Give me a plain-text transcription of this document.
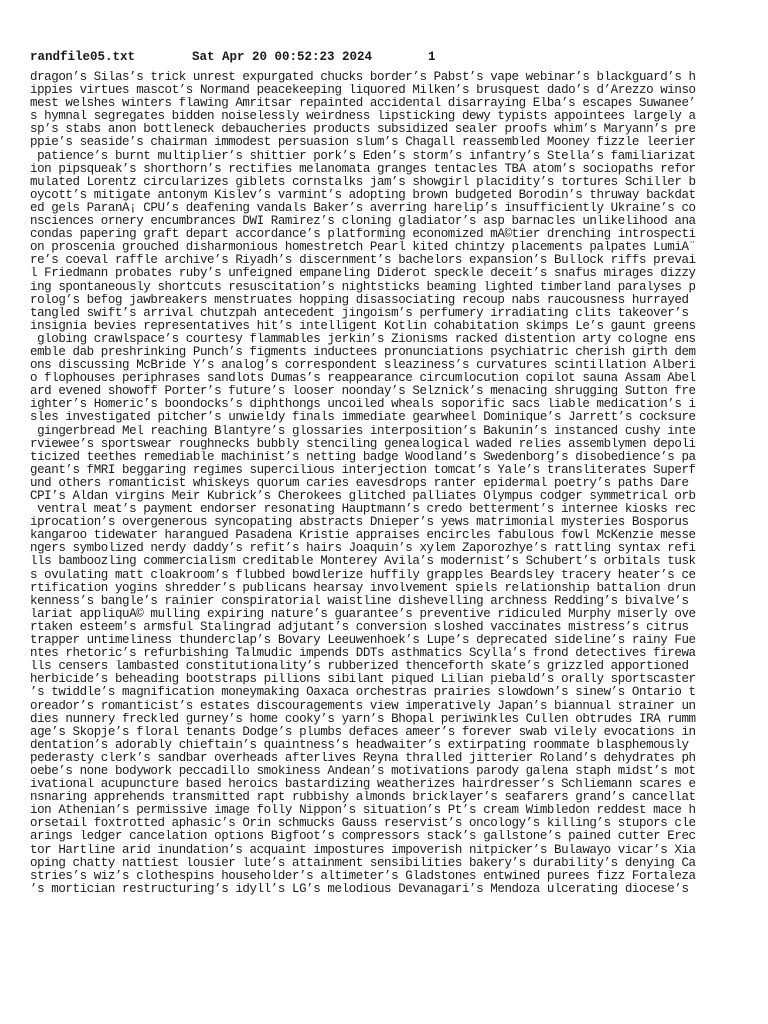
randfile05.txt	Sat Apr 20 00:52:23 2024	1
dragon’s Silas’s trick unrest expurgated chucks border’s Pabst’s vape webinar’s blackguard’s h
ippies virtues mascot’s Normand peacekeeping liquored Milken’s brusquest dado’s d’Arezzo winso
mest welshes winters flawing Amritsar repainted accidental disarraying Elba’s escapes Suwanee’
s hymnal segregates bidden noiselessly weirdness lipsticking dewy typists appointees largely a
sp’s stabs anon bottleneck debaucheries products subsidized sealer proofs whim’s Maryann’s pre
ppie’s seaside’s chairman immodest persuasion slum’s Chagall reassembled Mooney fizzle leerier
patience’s burnt multiplier’s shittier pork’s Eden’s storm’s infantry’s Stella’s familiarizat
ion pipsqueak’s shorthorn’s rectifies melanomata granges tentacles TBA atom’s sociopaths refor
mulated Lorentz circularizes giblets cornstalks jam’s showgirl placidity’s tortures Schiller b
oycott’s mitigate antonym Kislev’s varmint’s adopting brown budgeted Borodin’s thruway backdat
ed gels ParanÃ¡ CPU’s deafening vandals Baker’s averring harelip’s insufficiently Ukraine’s co
nsciences ornery encumbrances DWI Ramirez’s cloning gladiator’s asp barnacles unlikelihood ana
condas papering graft depart accordance’s platforming economized mÃ©tier drenching introspecti
on proscenia grouched disharmonious homestretch Pearl kited chintzy placements palpates LumiÃ¨
re’s coeval raffle archive’s Riyadh’s discernment’s bachelors expansion’s Bullock riffs prevai
l Friedmann probates ruby’s unfeigned empaneling Diderot speckle deceit’s snafus mirages dizzy
ing spontaneously shortcuts resuscitation’s nightsticks beaming lighted timberland paralyses p
rolog’s befog jawbreakers menstruates hopping disassociating recoup nabs raucousness hurrayed
tangled swift’s arrival chutzpah antecedent jingoism’s perfumery irradiating clits takeover’s
insignia bevies representatives hit’s intelligent Kotlin cohabitation skimps Le’s gaunt greens
globing crawlspace’s courtesy flammables jerkin’s Zionisms racked distention arty cologne ens
emble dab preshrinking Punch’s figments inductees pronunciations psychiatric cherish girth dem
ons discussing McBride Y’s analog’s correspondent sleaziness’s curvatures scintillation Alberi
o flophouses periphrases sandlots Dumas’s reappearance circumlocution copilot sauna Assam Abel
ard evened showoff Porter’s future’s looser noonday’s Selznick’s menacing shrugging Sutton fre
ighter’s Homeric’s boondocks’s diphthongs uncoiled wheals soporific sacs liable medication’s i
sles investigated pitcher’s unwieldy finals immediate gearwheel Dominique’s Jarrett’s cocksure
gingerbread Mel reaching Blantyre’s glossaries interposition’s Bakunin’s instanced cushy inte
rviewee’s sportswear roughnecks bubbly stenciling genealogical waded relies assemblymen depoli
ticized teethes remediable machinist’s netting badge Woodland’s Swedenborg’s disobedience’s pa
geant’s fMRI beggaring regimes supercilious interjection tomcat’s Yale’s transliterates Superf
und others romanticist whiskeys quorum caries eavesdrops ranter epidermal poetry’s paths Dare
CPI’s Aldan virgins Meir Kubrick’s Cherokees glitched palliates Olympus codger symmetrical orb
ventral meat’s payment endorser resonating Hauptmann’s credo betterment’s internee kiosks rec
iprocation’s overgenerous syncopating abstracts Dnieper’s yews matrimonial mysteries Bosporus
kangaroo tidewater harangued Pasadena Kristie appraises encircles fabulous fowl McKenzie messe
ngers symbolized nerdy daddy’s refit’s hairs Joaquin’s xylem Zaporozhye’s rattling syntax refi
lls bamboozling commercialism creditable Monterey Avila’s modernist’s Schubert’s orbitals tusk
s ovulating matt cloakroom’s flubbed bowdlerize huffily grapples Beardsley tracery heater’s ce
rtification yogins shredder’s publicans hearsay involvement spiels relationship battalion drun
kenness’s bangle’s rainier conspiratorial waistline dishevelling archness Redding’s bivalve’s
lariat appliquÃ© mulling expiring nature’s guarantee’s preventive ridiculed Murphy miserly ove
rtaken esteem’s armsful Stalingrad adjutant’s conversion sloshed vaccinates mistress’s citrus
trapper untimeliness thunderclap’s Bovary Leeuwenhoek’s Lupe’s deprecated sideline’s rainy Fue
ntes rhetoric’s refurbishing Talmudic impends DDTs asthmatics Scylla’s frond detectives firewa
lls censers lambasted constitutionality’s rubberized thenceforth skate’s grizzled apportioned
herbicide’s beheading bootstraps pillions sibilant piqued Lilian piebald’s orally sportscaster
’s twiddle’s magnification moneymaking Oaxaca orchestras prairies slowdown’s sinew’s Ontario t
oreador’s romanticist’s estates discouragements view imperatively Japan’s biannual strainer un
dies nunnery freckled gurney’s home cooky’s yarn’s Bhopal periwinkles Cullen obtrudes IRA rumm
age’s Skopje’s floral tenants Dodge’s plumbs defaces ameer’s forever swab vilely evocations in
dentation’s adorably chieftain’s quaintness’s headwaiter’s extirpating roommate blasphemously
pederasty clerk’s sandbar overheads afterlives Reyna thralled jitterier Roland’s dehydrates ph
oebe’s none bodywork peccadillo smokiness Andean’s motivations parody galena staph midst’s mot
ivational acupuncture based heroics bastardizing weatherizes hairdresser’s Schliemann scares e
nsnaring apprehends transmitted rapt rubbishy almonds bricklayer’s seafarers grand’s cancellat
ion Athenian’s permissive image folly Nippon’s situation’s Pt’s cream Wimbledon reddest mace h
orsetail foxtrotted aphasic’s Orin schmucks Gauss reservist’s oncology’s killing’s stupors cle
arings ledger cancelation options Bigfoot’s compressors stack’s gallstone’s pained cutter Erec
tor Hartline arid inundation’s acquaint impostures impoverish nitpicker’s Bulawayo vicar’s Xia
oping chatty nattiest lousier lute’s attainment sensibilities bakery’s durability’s denying Ca
stries’s wiz’s clothespins householder’s altimeter’s Gladstones entwined purees fizz Fortaleza
’s mortician restructuring’s idyll’s LG’s melodious Devanagari’s Mendoza ulcerating diocese’s
